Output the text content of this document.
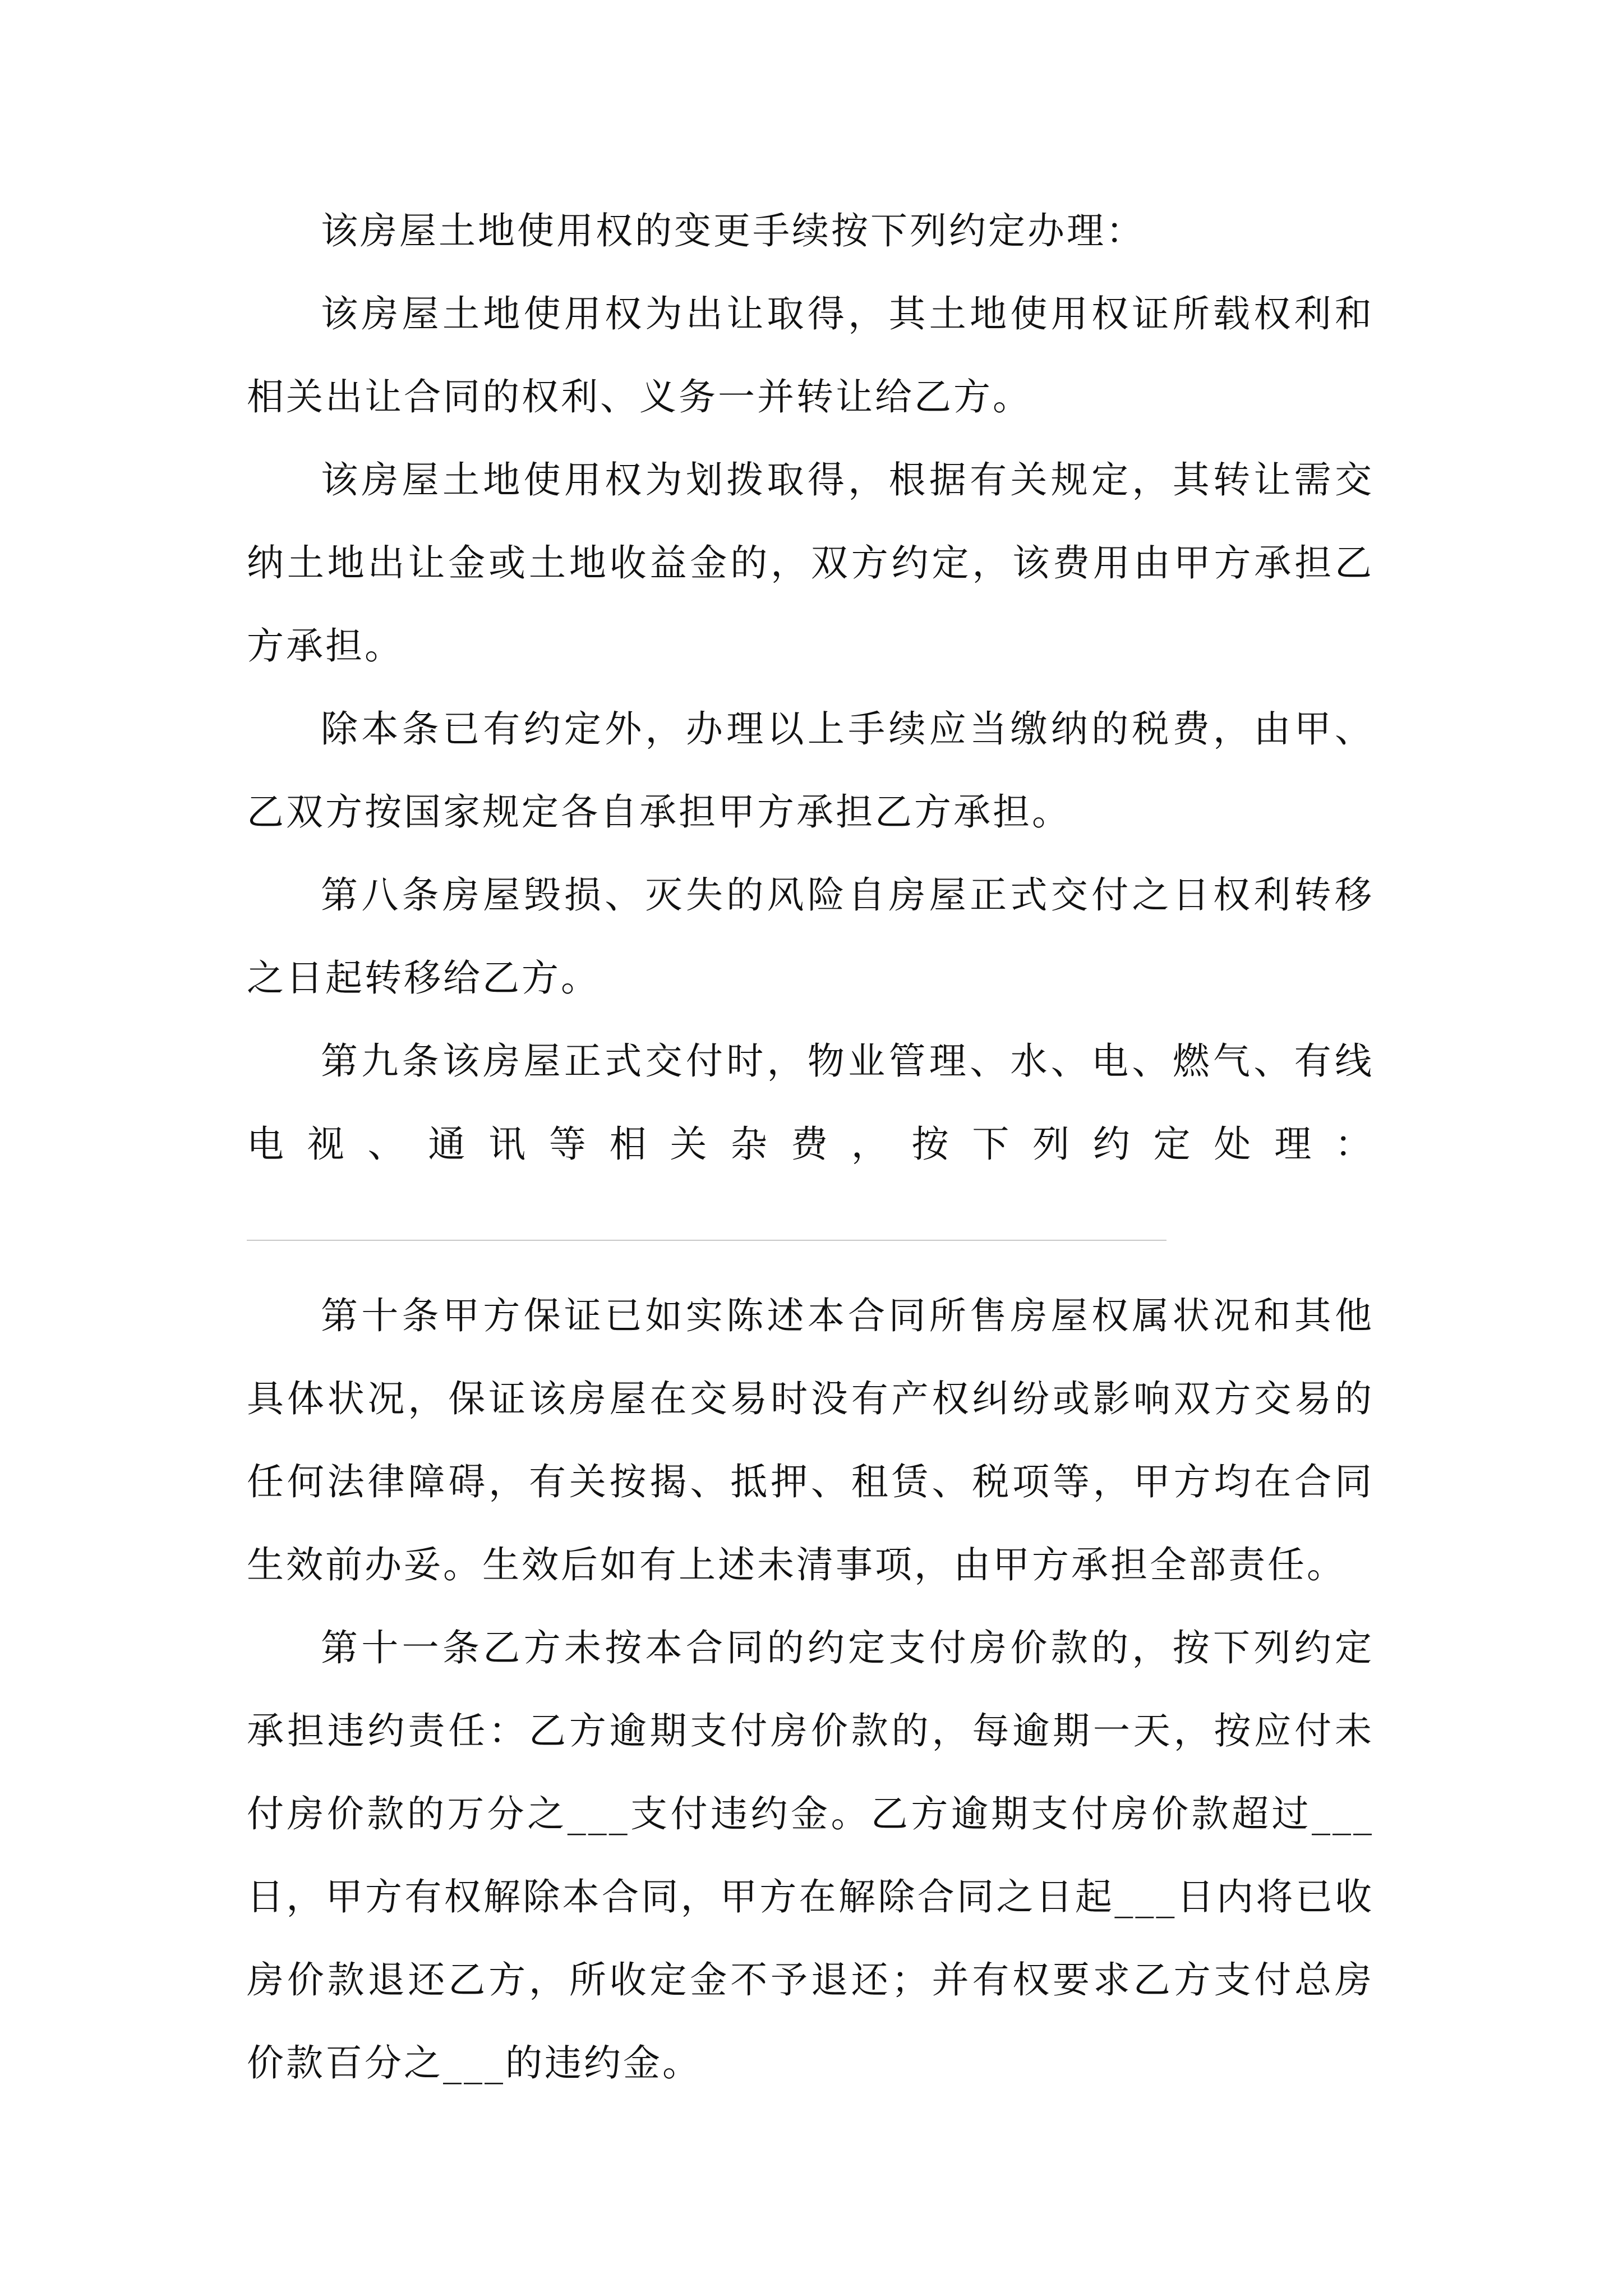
该房屋土地使用权的变更手续按下列约定办理：

该房屋土地使用权为出让取得，其土地使用权证所载权利和相关出让合同的权利、义务一并转让给乙方。

该房屋土地使用权为划拨取得，根据有关规定，其转让需交纳土地出让金或土地收益金的，双方约定，该费用由甲方承担乙方承担。

除本条已有约定外，办理以上手续应当缴纳的税费，由甲、乙双方按国家规定各自承担甲方承担乙方承担。

第八条房屋毁损、灭失的风险自房屋正式交付之日权利转移之日起转移给乙方。

第九条该房屋正式交付时，物业管理、水、电、燃气、有线电视、通讯等相关杂费，按下列约定处理：

第十条甲方保证已如实陈述本合同所售房屋权属状况和其他具体状况，保证该房屋在交易时没有产权纠纷或影响双方交易的任何法律障碍，有关按揭、抵押、租赁、税项等，甲方均在合同生效前办妥。生效后如有上述未清事项，由甲方承担全部责任。

第十一条乙方未按本合同的约定支付房价款的，按下列约定承担违约责任：乙方逾期支付房价款的，每逾期一天，按应付未付房价款的万分之___支付违约金。乙方逾期支付房价款超过___日，甲方有权解除本合同，甲方在解除合同之日起___日内将已收房价款退还乙方，所收定金不予退还；并有权要求乙方支付总房价款百分之___的违约金。
